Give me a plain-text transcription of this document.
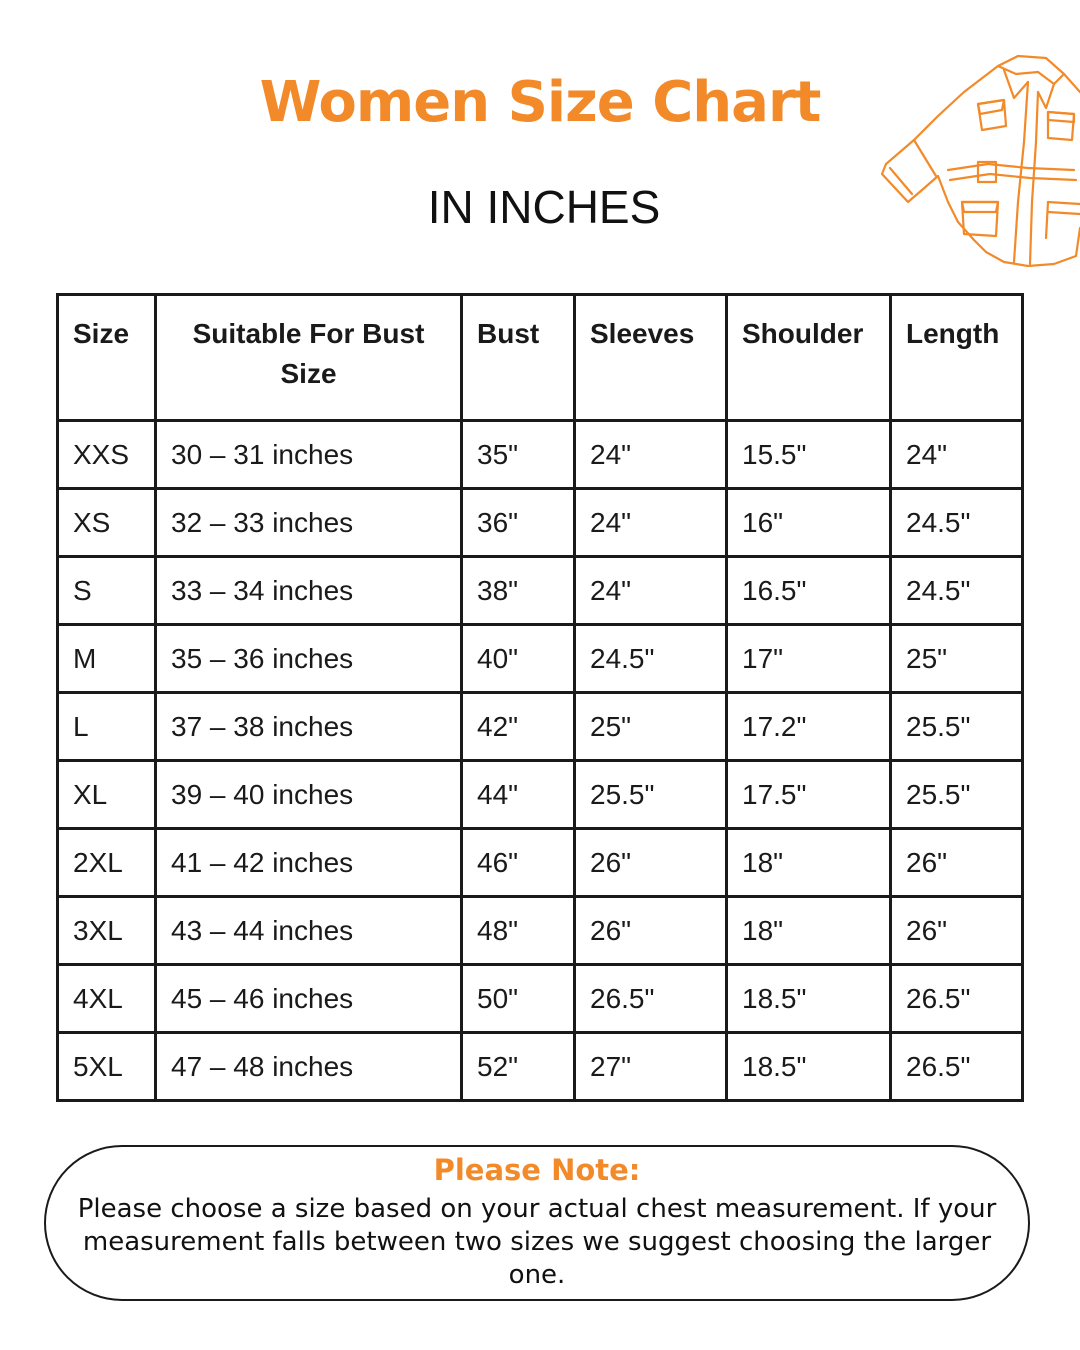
Women Size Chart
IN INCHES
Size	Suitable For Bust Size	Bust	Sleeves	Shoulder	Length
XXS	30 – 31 inches	35"	24"	15.5"	24"
XS	32 – 33 inches	36"	24"	16"	24.5"
S	33 – 34 inches	38"	24"	16.5"	24.5"
M	35 – 36 inches	40"	24.5"	17"	25"
L	37 – 38 inches	42"	25"	17.2"	25.5"
XL	39 – 40 inches	44"	25.5"	17.5"	25.5"
2XL	41 – 42 inches	46"	26"	18"	26"
3XL	43 – 44 inches	48"	26"	18"	26"
4XL	45 – 46 inches	50"	26.5"	18.5"	26.5"
5XL	47 – 48 inches	52"	27"	18.5"	26.5"
Please Note:
Please choose a size based on your actual chest measurement. If your measurement falls between two sizes we suggest choosing the larger one.
